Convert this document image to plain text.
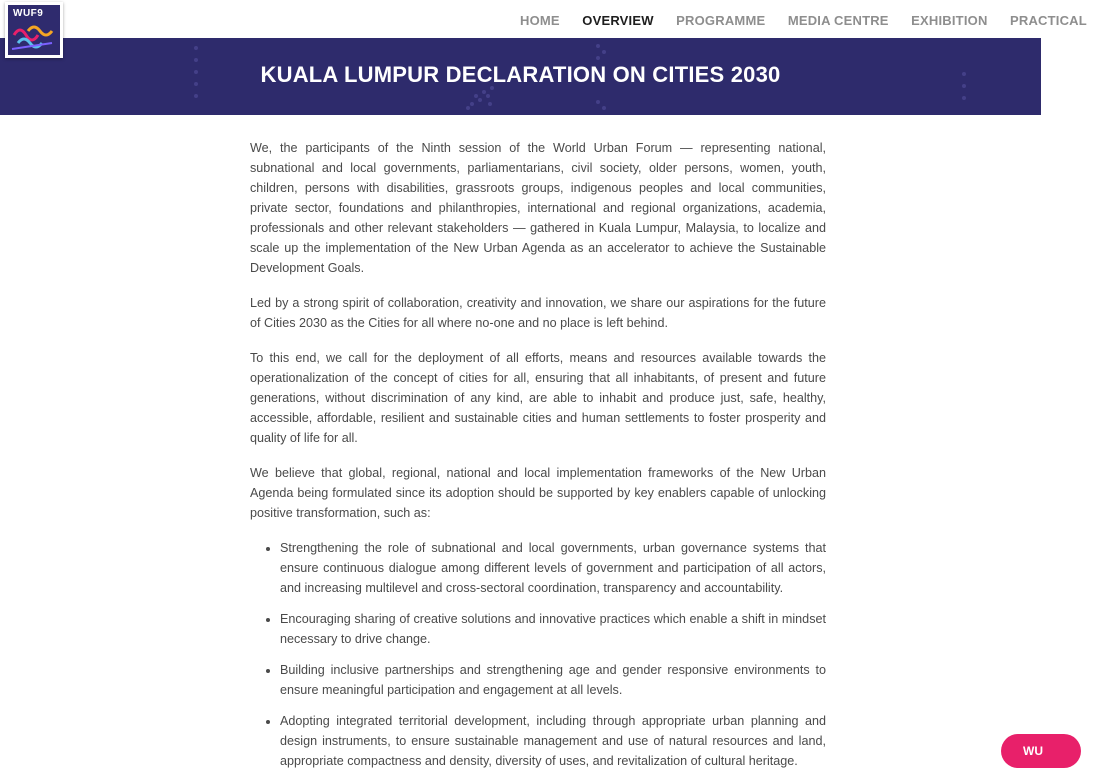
WUF9	HOME OVERVIEW PROGRAMME MEDIA CENTRE EXHIBITION PRACTICAL
KUALA LUMPUR DECLARATION ON CITIES 2030

We, the participants of the Ninth session of the World Urban Forum — representing national, subnational and local governments, parliamentarians, civil society, older persons, women, youth, children, persons with disabilities, grassroots groups, indigenous peoples and local communities, private sector, foundations and philanthropies, international and regional organizations, academia, professionals and other relevant stakeholders — gathered in Kuala Lumpur, Malaysia, to localize and scale up the implementation of the New Urban Agenda as an accelerator to achieve the Sustainable Development Goals.

Led by a strong spirit of collaboration, creativity and innovation, we share our aspirations for the future of Cities 2030 as the Cities for all where no-one and no place is left behind.

To this end, we call for the deployment of all efforts, means and resources available towards the operationalization of the concept of cities for all, ensuring that all inhabitants, of present and future generations, without discrimination of any kind, are able to inhabit and produce just, safe, healthy, accessible, affordable, resilient and sustainable cities and human settlements to foster prosperity and quality of life for all.

We believe that global, regional, national and local implementation frameworks of the New Urban Agenda being formulated since its adoption should be supported by key enablers capable of unlocking positive transformation, such as:

• Strengthening the role of subnational and local governments, urban governance systems that ensure continuous dialogue among different levels of government and participation of all actors, and increasing multilevel and cross-sectoral coordination, transparency and accountability.
• Encouraging sharing of creative solutions and innovative practices which enable a shift in mindset necessary to drive change.
• Building inclusive partnerships and strengthening age and gender responsive environments to ensure meaningful participation and engagement at all levels.
• Adopting integrated territorial development, including through appropriate urban planning and design instruments, to ensure sustainable management and use of natural resources and land, appropriate compactness and density, diversity of uses, and revitalization of cultural heritage.
WU
